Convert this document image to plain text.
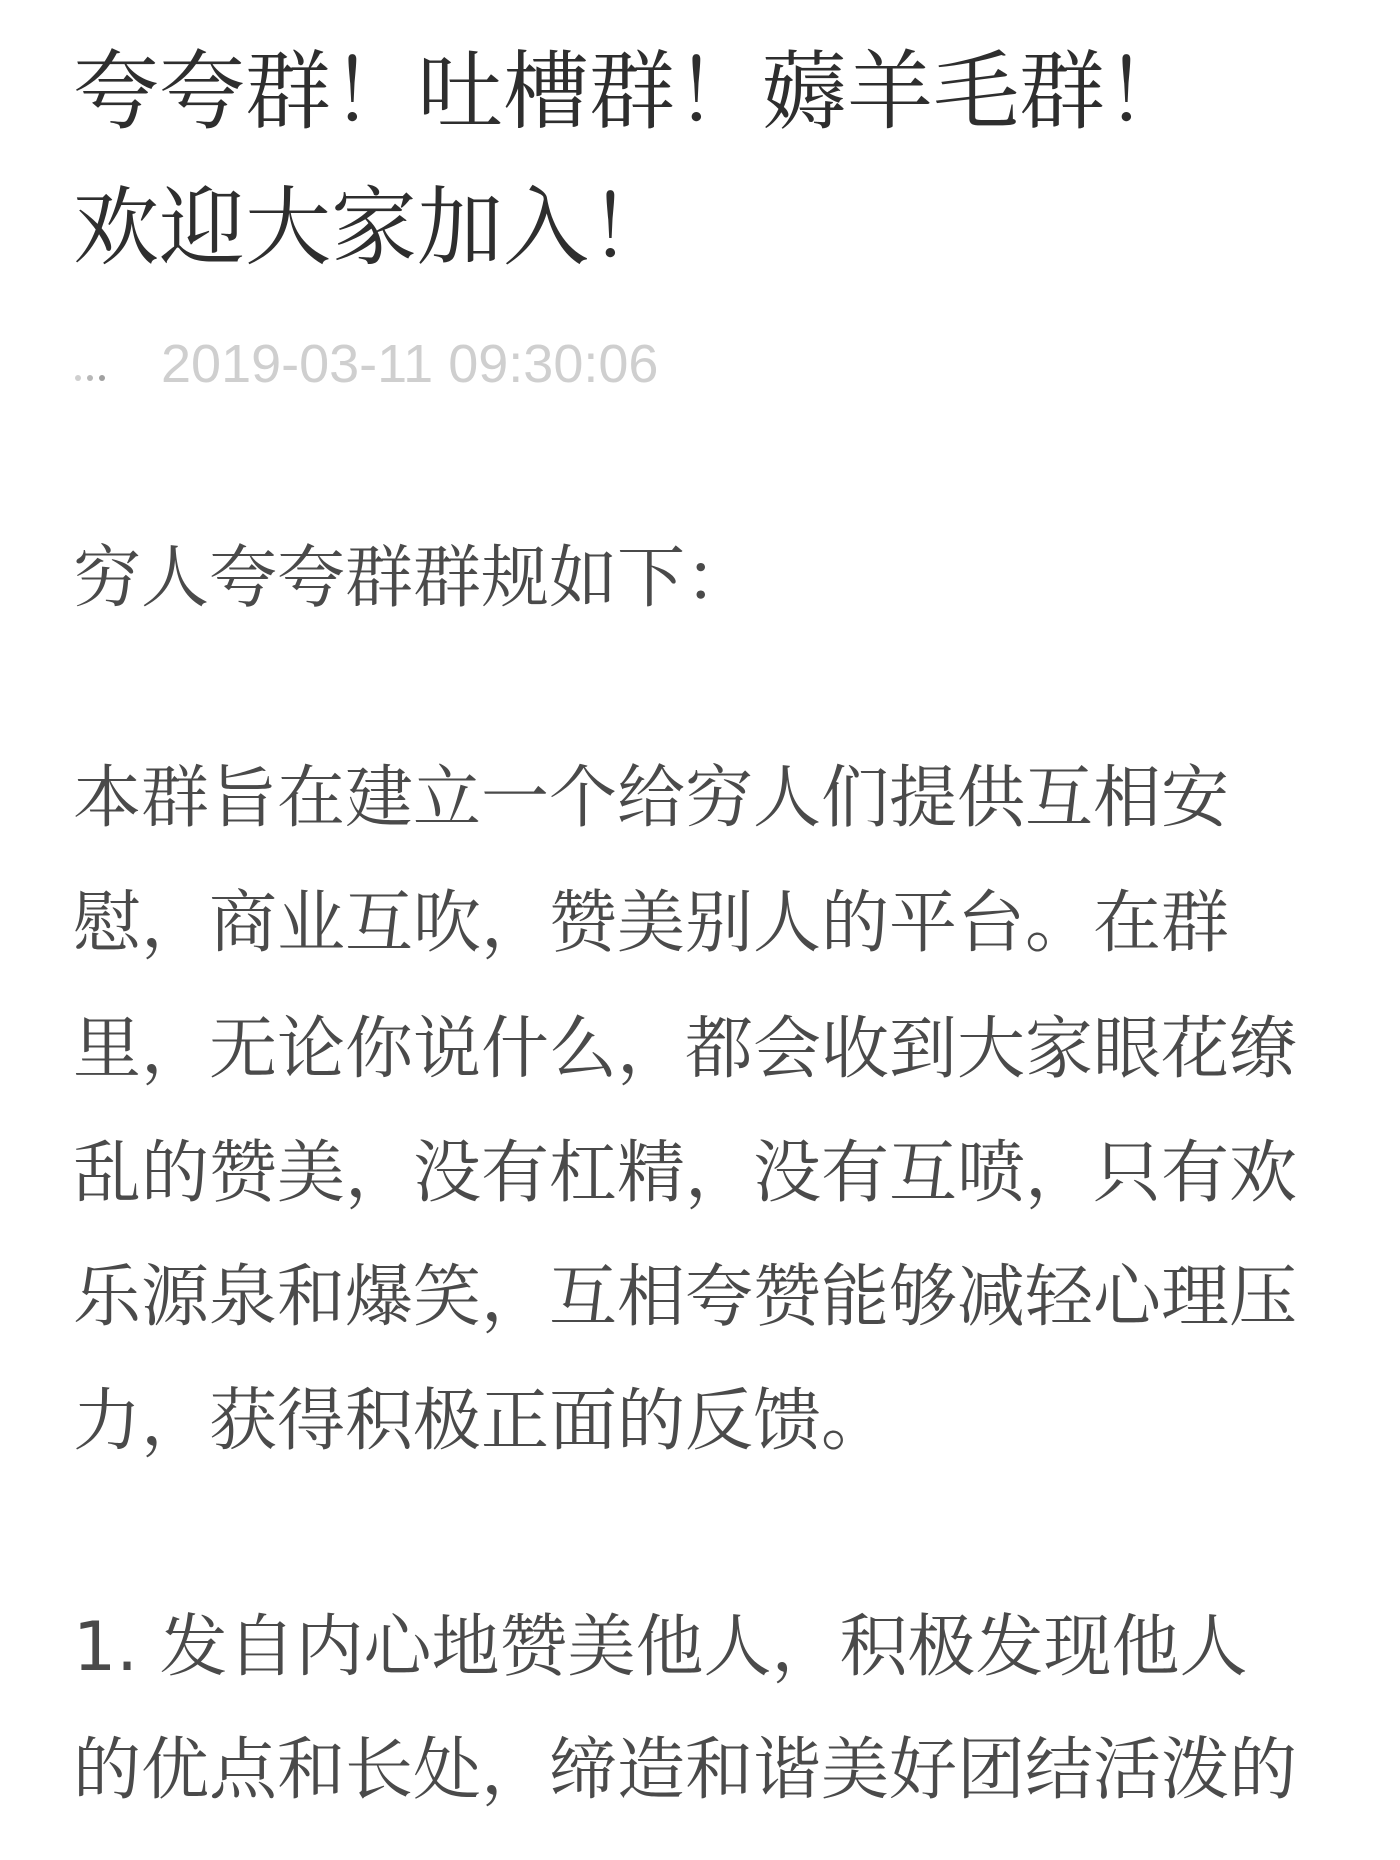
夸夸群！吐槽群！薅羊毛群！
欢迎大家加入！
2019-03-11 09:30:06
穷人夸夸群群规如下：
本群旨在建立一个给穷人们提供互相安
慰，商业互吹，赞美别人的平台。在群
里，无论你说什么，都会收到大家眼花缭
乱的赞美，没有杠精，没有互喷，只有欢
乐源泉和爆笑，互相夸赞能够减轻心理压
力，获得积极正面的反馈。
1. 发自内心地赞美他人，积极发现他人
的优点和长处，缔造和谐美好团结活泼的
